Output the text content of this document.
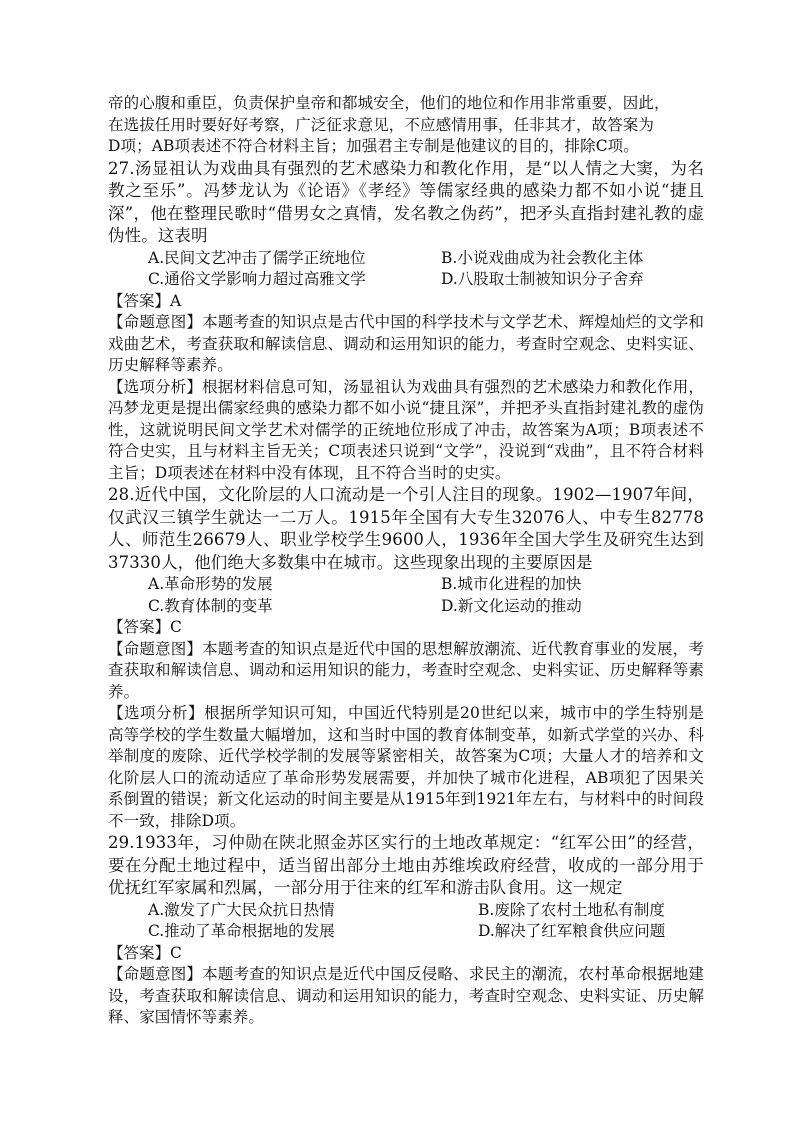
帝的心腹和重臣，负责保护皇帝和都城安全，他们的地位和作用非常重要，因此，

在选拔任用时要好好考察，广泛征求意见，不应感情用事，任非其才，故答案为

D项；AB项表述不符合材料主旨；加强君主专制是他建议的目的，排除C项。

27.汤显祖认为戏曲具有强烈的艺术感染力和教化作用，是“以人情之大窦，为名教之至乐”。冯梦龙认为《论语》《孝经》等儒家经典的感染力都不如小说“捷且深”，他在整理民歌时“借男女之真情，发名教之伪药”，把矛头直指封建礼教的虚伪性。这表明

A.民间文艺冲击了儒学正统地位	B.小说戏曲成为社会教化主体
C.通俗文学影响力超过高雅文学	D.八股取士制被知识分子舍弃

【答案】A

【命题意图】本题考查的知识点是古代中国的科学技术与文学艺术、辉煌灿烂的文学和戏曲艺术，考查获取和解读信息、调动和运用知识的能力，考查时空观念、史料实证、历史解释等素养。

【选项分析】根据材料信息可知，汤显祖认为戏曲具有强烈的艺术感染力和教化作用，冯梦龙更是提出儒家经典的感染力都不如小说“捷且深”，并把矛头直指封建礼教的虚伪性，这就说明民间文学艺术对儒学的正统地位形成了冲击，故答案为A项；B项表述不符合史实，且与材料主旨无关；C项表述只说到“文学”，没说到“戏曲”，且不符合材料主旨；D项表述在材料中没有体现，且不符合当时的史实。

28.近代中国，文化阶层的人口流动是一个引人注目的现象。1902—1907年间，仅武汉三镇学生就达一二万人。1915年全国有大专生32076人、中专生82778人、师范生26679人、职业学校学生9600人，1936年全国大学生及研究生达到37330人，他们绝大多数集中在城市。这些现象出现的主要原因是

A.革命形势的发展	B.城市化进程的加快
C.教育体制的变革	D.新文化运动的推动

【答案】C

【命题意图】本题考查的知识点是近代中国的思想解放潮流、近代教育事业的发展，考查获取和解读信息、调动和运用知识的能力，考查时空观念、史料实证、历史解释等素养。

【选项分析】根据所学知识可知，中国近代特别是20世纪以来，城市中的学生特别是高等学校的学生数量大幅增加，这和当时中国的教育体制变革，如新式学堂的兴办、科举制度的废除、近代学校学制的发展等紧密相关，故答案为C项；大量人才的培养和文化阶层人口的流动适应了革命形势发展需要，并加快了城市化进程，AB项犯了因果关系倒置的错误；新文化运动的时间主要是从1915年到1921年左右，与材料中的时间段不一致，排除D项。

29.1933年，习仲勋在陕北照金苏区实行的土地改革规定：“红军公田”的经营，要在分配土地过程中，适当留出部分土地由苏维埃政府经营，收成的一部分用于优抚红军家属和烈属，一部分用于往来的红军和游击队食用。这一规定

A.激发了广大民众抗日热情	B.废除了农村土地私有制度
C.推动了革命根据地的发展	D.解决了红军粮食供应问题

【答案】C

【命题意图】本题考查的知识点是近代中国反侵略、求民主的潮流，农村革命根据地建设，考查获取和解读信息、调动和运用知识的能力，考查时空观念、史料实证、历史解释、家国情怀等素养。
